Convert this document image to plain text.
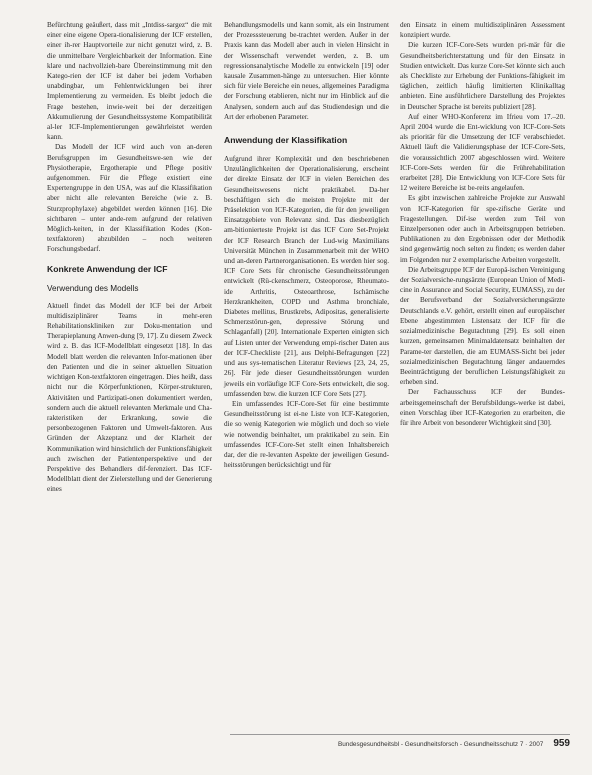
Befürchtung geäußert, dass mit „Intdiss-sargez“ die mit einer eine eigene Opera-tionalisierung der ICF erstellen, einer ih-rer Hauptvorteile zur nicht genutzt wird, z. B. die unmittelbare Vergleichbarkeit der Information. Eine klare und nachvollzieh-bare Übereinstimmung mit den Katego-rien der ICF ist daher bei jedem Vorhaben unabdingbar, um Fehlentwicklungen bei ihrer Implementierung zu vermeiden. Es bleibt jedoch die Frage bestehen, inwie-weit bei der derzeitigen Akkumulierung der Gesundheitssysteme Kompatibilität al-ler ICF-Implementierungen gewährleistet werden kann.

Das Modell der ICF wird auch von an-deren Berufsgruppen im Gesundheitswe-sen wie der Physiotherapie, Ergotherapie und Pflege positiv aufgenommen. Für die Pflege existiert eine Expertengruppe in den USA, was auf die Klassifikation aber nicht alle relevanten Bereiche (wie z. B. Sturzprophylaxe) abgebildet werden können [16]. Die sichtbaren – unter ande-rem aufgrund der relativen Möglich-keiten, in der Klassifikation Kodes (Kon-textfaktoren) abzubilden – noch weiteren Forschungsbedarf.

Konkrete Anwendung der ICF
Verwendung des Modells

Aktuell findet das Modell der ICF bei der Arbeit multidisziplinärer Teams in mehr-eren Rehabilitationskliniken zur Doku-mentation und Therapieplanung Anwen-dung [9, 17]. Zu diesem Zweck wird z. B. das ICF-Modellblatt eingesetzt [18]. In das Modell blatt werden die relevanten Infor-mationen über den Patienten und die in seiner aktuellen Situation wichtigen Kon-textfaktoren eingetragen. Dies heißt, dass nicht nur die Körperfunktionen, Körper-strukturen, Aktivitäten und Partizipati-onen dokumentiert werden, sondern auch die aktuell relevanten Merkmale und Cha-rakteristiken der Erkrankung, sowie die personbezogenen Faktoren und Umwelt-faktoren. Aus Gründen der Akzeptanz und der Klarheit der Kommunikation wird hinsichtlich der Funktionsfähigkeit auch zwischen der Patientenperspektive und der Perspektive des Behandlers dif-ferenziert. Das ICF-Modellblatt dient der Zielerstellung und der Generierung eines

Behandlungsmodells und kann somit, als ein Instrument der Prozesssteuerung be-trachtet werden. Außer in der Praxis kann das Modell aber auch in vielen Hinsicht in der Wissenschaft verwendet werden, z. B. um regressionsanalytische Modelle zu entwickeln [19] oder kausale Zusammen-hänge zu untersuchen. Hier könnte sich für viele Bereiche ein neues, allgemeines Paradigma der Forschung etablieren, nicht nur im Hinblick auf die Analysen, sondern auch auf das Studiendesign und die Art der erhobenen Parameter.

Anwendung der Klassifikation

Aufgrund ihrer Komplexität und den beschriebenen Unzulänglichkeiten der Operationalisierung, erscheint der direkte Einsatz der ICF in vielen Bereichen des Gesundheitswesens nicht praktikabel. Da-her beschäftigen sich die meisten Projekte mit der Präselektion von ICF-Kategorien, die für den jeweiligen Einsatzgebiete von Relevanz sind. Das diesbezüglich am-bitionierteste Projekt ist das ICF Core Set-Projekt der ICF Research Branch der Lud-wig Maximilians Universität München in Zusammenarbeit mit der WHO und an-deren Partnerorganisationen. Es werden hier sog. ICF Core Sets für chronische Gesundheitsstörungen entwickelt (Rü-ckenschmerz, Osteoporose, Rheumato-ide Arthritis, Osteoarthrose, Ischämische Herzkrankheiten, COPD und Asthma bronchiale, Diabetes mellitus, Brustkrebs, Adipositas, generalisierte Schmerzstörun-gen, depressive Störung und Schlaganfall) [20]. Internationale Experten einigten sich auf Listen unter der Verwendung empi-rischer Daten aus der ICF-Checkliste [21], aus Delphi-Befragungen [22] und aus sys-tematischen Literatur Reviews [23, 24, 25, 26]. Für jede dieser Gesundheitsstörungen wurden jeweils ein vorläufige ICF Core-Sets entwickelt, die sog. umfassenden bzw. die kurzen ICF Core Sets [27].

Ein umfassendes ICF-Core-Set für eine bestimmte Gesundheitsstörung ist ei-ne Liste von ICF-Kategorien, die so wenig Kategorien wie möglich und doch so viele wie notwendig beinhaltet, um praktikabel zu sein. Ein umfassendes ICF-Core-Set stellt einen Inhaltsbereich dar, der die re-levanten Aspekte der jeweiligen Gesund-heitsstörungen berücksichtigt und für

den Einsatz in einem multidisziplinären Assessment konzipiert wurde.

Die kurzen ICF-Core-Sets wurden pri-mär für die Gesundheitsberichterstattung und für den Einsatz in Studien entwickelt. Das kurze Core-Set könnte sich auch als Checkliste zur Erhebung der Funktions-fähigkeit im täglichen, zeitlich häufig limitierten Klinikalltag anbieten. Eine ausführlichere Darstellung des Projektes in Deutscher Sprache ist bereits publiziert [28].

Auf einer WHO-Konferenz im Ifrieu vom 17.–20. April 2004 wurde die Ent-wicklung von ICF-Core-Sets als prioritär für die Umsetzung der ICF verabschiedet. Aktuell läuft die Validierungsphase der ICF-Core-Sets, die voraussichtlich 2007 abgeschlossen wird. Weitere ICF-Core-Sets werden für die Frührehabilitation erarbeitet [28]. Die Entwicklung von ICF-Core Sets für 12 weitere Bereiche ist be-reits angelaufen.

Es gibt inzwischen zahlreiche Projekte zur Auswahl von ICF-Kategorien für spe-zifische Geräte und Fragestellungen. Dif-ise werden zum Teil von Einzelpersonen oder auch in Arbeitsgruppen betrieben. Publikationen zu den Ergebnissen oder der Methodik sind gegenwärtig noch selten zu finden; es werden daher im Folgenden nur 2 exemplarische Arbeiten vorgestellt.

Die Arbeitsgruppe ICF der Europä-ischen Vereinigung der Sozialversiche-rungsärzte (European Union of Medi-cine in Assurance and Social Security, EUMASS), zu der der Berufsverband der Sozialversicherungsärzte Deutschlands e.V. gehört, erstellt einen auf europäischer Ebene abgestimmten Listensatz der ICF für die sozialmedizinische Begutachtung [29]. Es soll einen kurzen, gemeinsamen Minimaldatensatz beinhalten der Parame-ter darstellen, die am EUMASS-Sicht bei jeder sozialmedizinischen Begutachtung länger andauerndes Beeinträchtigung der beruflichen Leistungsfähigkeit zu erheben sind.

Der Fachausschuss ICF der Bundes-arbeitsgemeinschaft der Berufsbildungs-werke ist dabei, einen Vorschlag über ICF-Kategorien zu erarbeiten, die für ihre Arbeit von besonderer Wichtigkeit sind [30].

Bundesgesundheitsbl - Gesundheitsforsch - Gesundheitsschutz 7 · 2007 959
